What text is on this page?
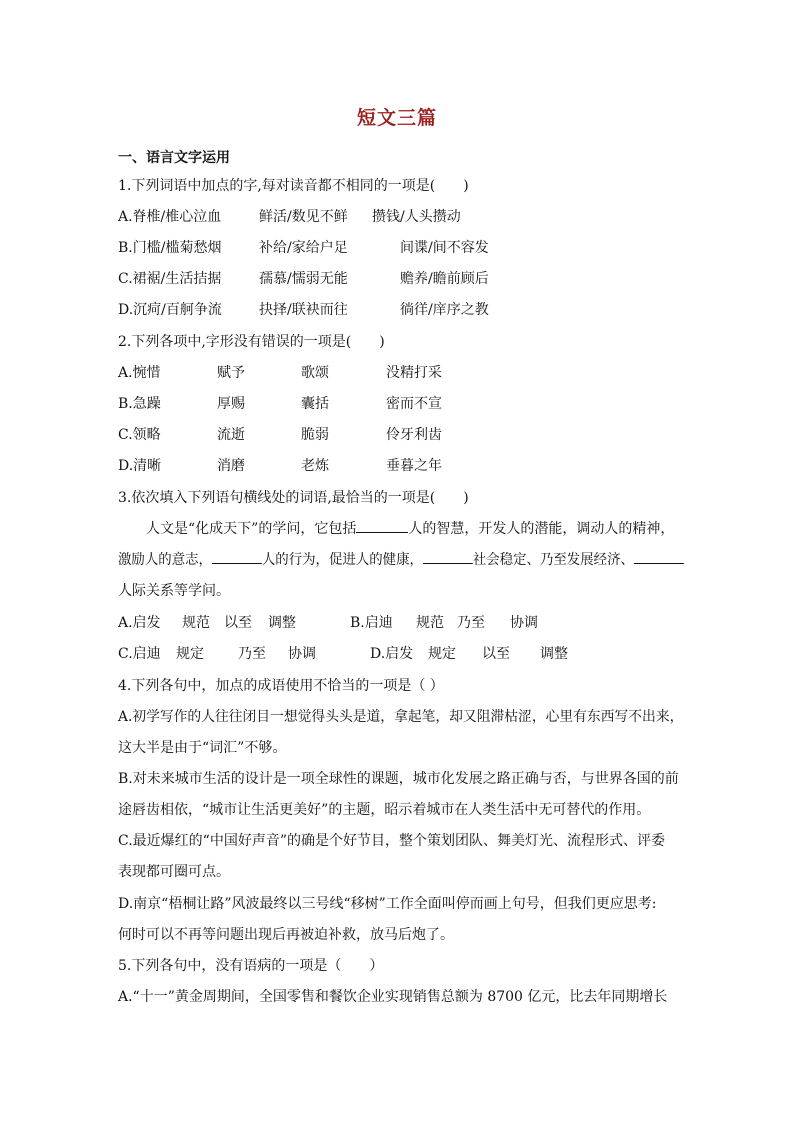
短文三篇
一、语言文字运用
1.下列词语中加点的字,每对读音都不相同的一项是(　　)
A.脊椎/椎心泣血	鲜活/数见不鲜 攒钱/人头攒动
B.门槛/槛菊愁烟	补给/家给户足	间谍/间不容发
C.裙裾/生活拮据	孺慕/懦弱无能	赡养/瞻前顾后
D.沉疴/百舸争流	抉择/联袂而往	徜徉/庠序之教
2.下列各项中,字形没有错误的一项是(　　)
A.惋惜	赋予	歌颂	没精打采
B.急躁	厚赐	囊括	密而不宣
C.领略	流逝	脆弱	伶牙利齿
D.清晰	消磨	老炼	垂暮之年
3.依次填入下列语句横线处的词语,最恰当的一项是(　　)
人文是“化成天下”的学问，它包括	人的智慧，开发人的潜能，调动人的精神，
激励人的意志，	人的行为，促进人的健康，	社会稳定、乃至发展经济、
人际关系等学问。
A.启发 规范 以至 调整	B.启迪 规范 乃至 协调
C.启迪 规定 乃至 协调	D.启发 规定 以至 调整
4.下列各句中，加点的成语使用不恰当的一项是（ ）
A.初学写作的人往往闭目一想觉得头头是道，拿起笔，却又阻滞枯涩，心里有东西写不出来，
这大半是由于“词汇”不够。
B.对未来城市生活的设计是一项全球性的课题，城市化发展之路正确与否，与世界各国的前
途唇齿相依，“城市让生活更美好”的主题，昭示着城市在人类生活中无可替代的作用。
C.最近爆红的“中国好声音”的确是个好节目，整个策划团队、舞美灯光、流程形式、评委
表现都可圈可点。
D.南京“梧桐让路”风波最终以三号线“移树”工作全面叫停而画上句号，但我们更应思考:
何时可以不再等问题出现后再被迫补救，放马后炮了。
5.下列各句中，没有语病的一项是（　　）
A.“十一”黄金周期间，全国零售和餐饮企业实现销售总额为 8700 亿元，比去年同期增长
